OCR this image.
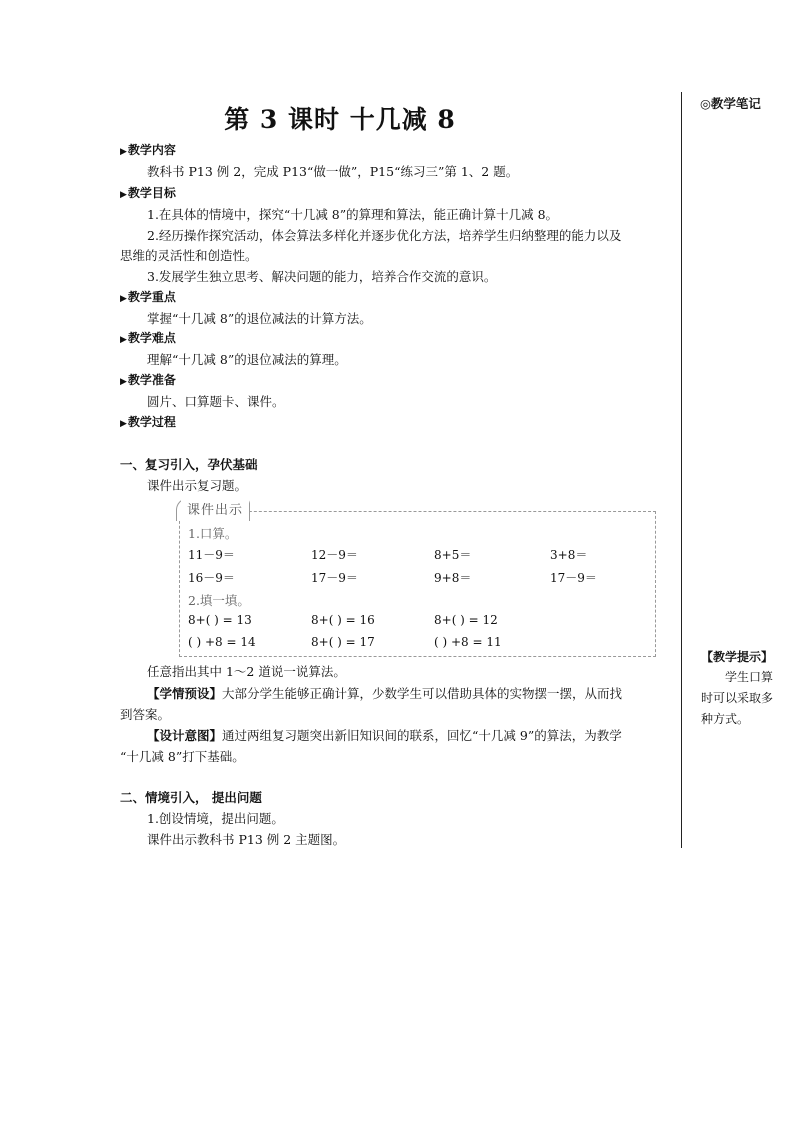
第 3 课时 十几减 8
◎教学笔记
▶教学内容
教科书 P13 例 2，完成 P13“做一做”，P15“练习三”第 1、2 题。
▶教学目标
1.在具体的情境中，探究“十几减 8”的算理和算法，能正确计算十几减 8。
2.经历操作探究活动，体会算法多样化并逐步优化方法，培养学生归纳整理的能力以及
思维的灵活性和创造性。
3.发展学生独立思考、解决问题的能力，培养合作交流的意识。
▶教学重点
掌握“十几减 8”的退位减法的计算方法。
▶教学难点
理解“十几减 8”的退位减法的算理。
▶教学准备
圆片、口算题卡、课件。
▶教学过程
一、复习引入，孕伏基础
课件出示复习题。
课件出示
1.口算。
11－9＝	12－9＝	8+5＝	3+8＝
16－9＝	17－9＝	9+8＝	17－9＝
2.填一填。
8+( ) = 13	8+( ) = 16	8+( ) = 12
( ) +8 = 14	8+( ) = 17	( ) +8 = 11
任意指出其中 1～2 道说一说算法。
【学情预设】大部分学生能够正确计算，少数学生可以借助具体的实物摆一摆，从而找
到答案。
【设计意图】通过两组复习题突出新旧知识间的联系，回忆“十几减 9”的算法，为教学
“十几减 8”打下基础。
二、情境引入， 提出问题
1.创设情境，提出问题。
课件出示教科书 P13 例 2 主题图。
【教学提示】
学生口算时可以采取多种方式。
